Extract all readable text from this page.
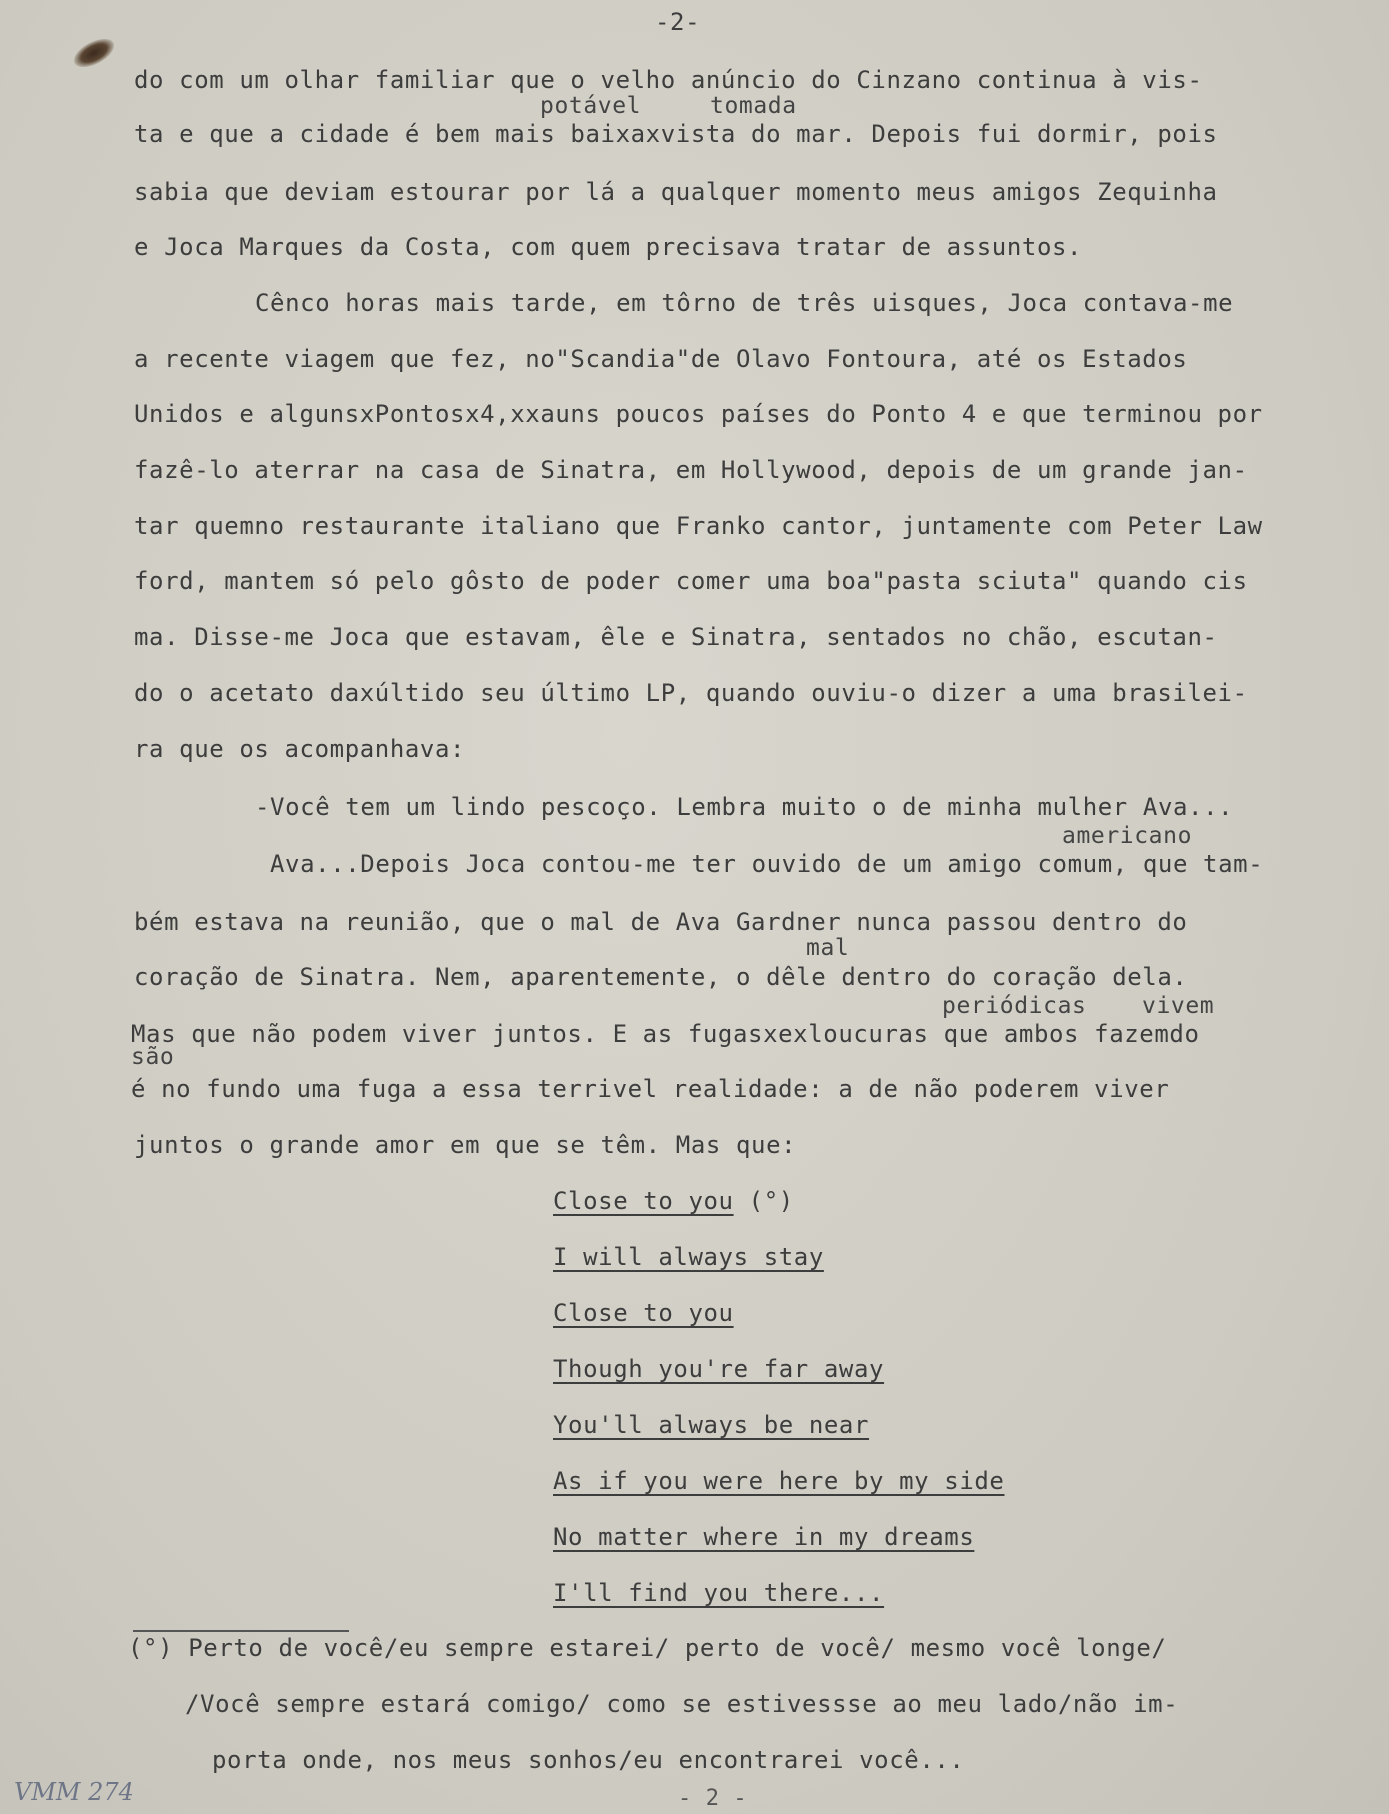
-2-
do com um olhar familiar que o velho anúncio do Cinzano continua à vis-
potável	tomada
ta e que a cidade é bem mais baixaxvista do mar. Depois fui dormir, pois
sabia que deviam estourar por lá a qualquer momento meus amigos Zequinha
e Joca Marques da Costa, com quem precisava tratar de assuntos.
Cênco horas mais tarde, em tôrno de três uisques, Joca contava-me
a recente viagem que fez, no"Scandia"de Olavo Fontoura, até os Estados
Unidos e algunsxPontosx4,xxauns poucos países do Ponto 4 e que terminou por
fazê-lo aterrar na casa de Sinatra, em Hollywood, depois de um grande jan-
tar quemno restaurante italiano que Franko cantor, juntamente com Peter Law
ford, mantem só pelo gôsto de poder comer uma boa"pasta sciuta" quando cis
ma. Disse-me Joca que estavam, êle e Sinatra, sentados no chão, escutan-
do o acetato daxúltido seu último LP, quando ouviu-o dizer a uma brasilei-
ra que os acompanhava:
-Você tem um lindo pescoço. Lembra muito o de minha mulher Ava...
americano
Ava...Depois Joca contou-me ter ouvido de um amigo comum, que tam-
bém estava na reunião, que o mal de Ava Gardner nunca passou dentro do
mal
coração de Sinatra. Nem, aparentemente, o dêle dentro do coração dela.
periódicas vivem
Mas que não podem viver juntos. E as fugasxexloucuras que ambos fazemdo
são
é no fundo uma fuga a essa terrivel realidade: a de não poderem viver
juntos o grande amor em que se têm. Mas que:
Close to you (°)
I will always stay
Close to you
Though you're far away
You'll always be near
As if you were here by my side
No matter where in my dreams
I'll find you there...
(°) Perto de você/eu sempre estarei/ perto de você/ mesmo você longe/
/Você sempre estará comigo/ como se estivessse ao meu lado/não im-
porta onde, nos meus sonhos/eu encontrarei você...
VMM 274	- 2 -
